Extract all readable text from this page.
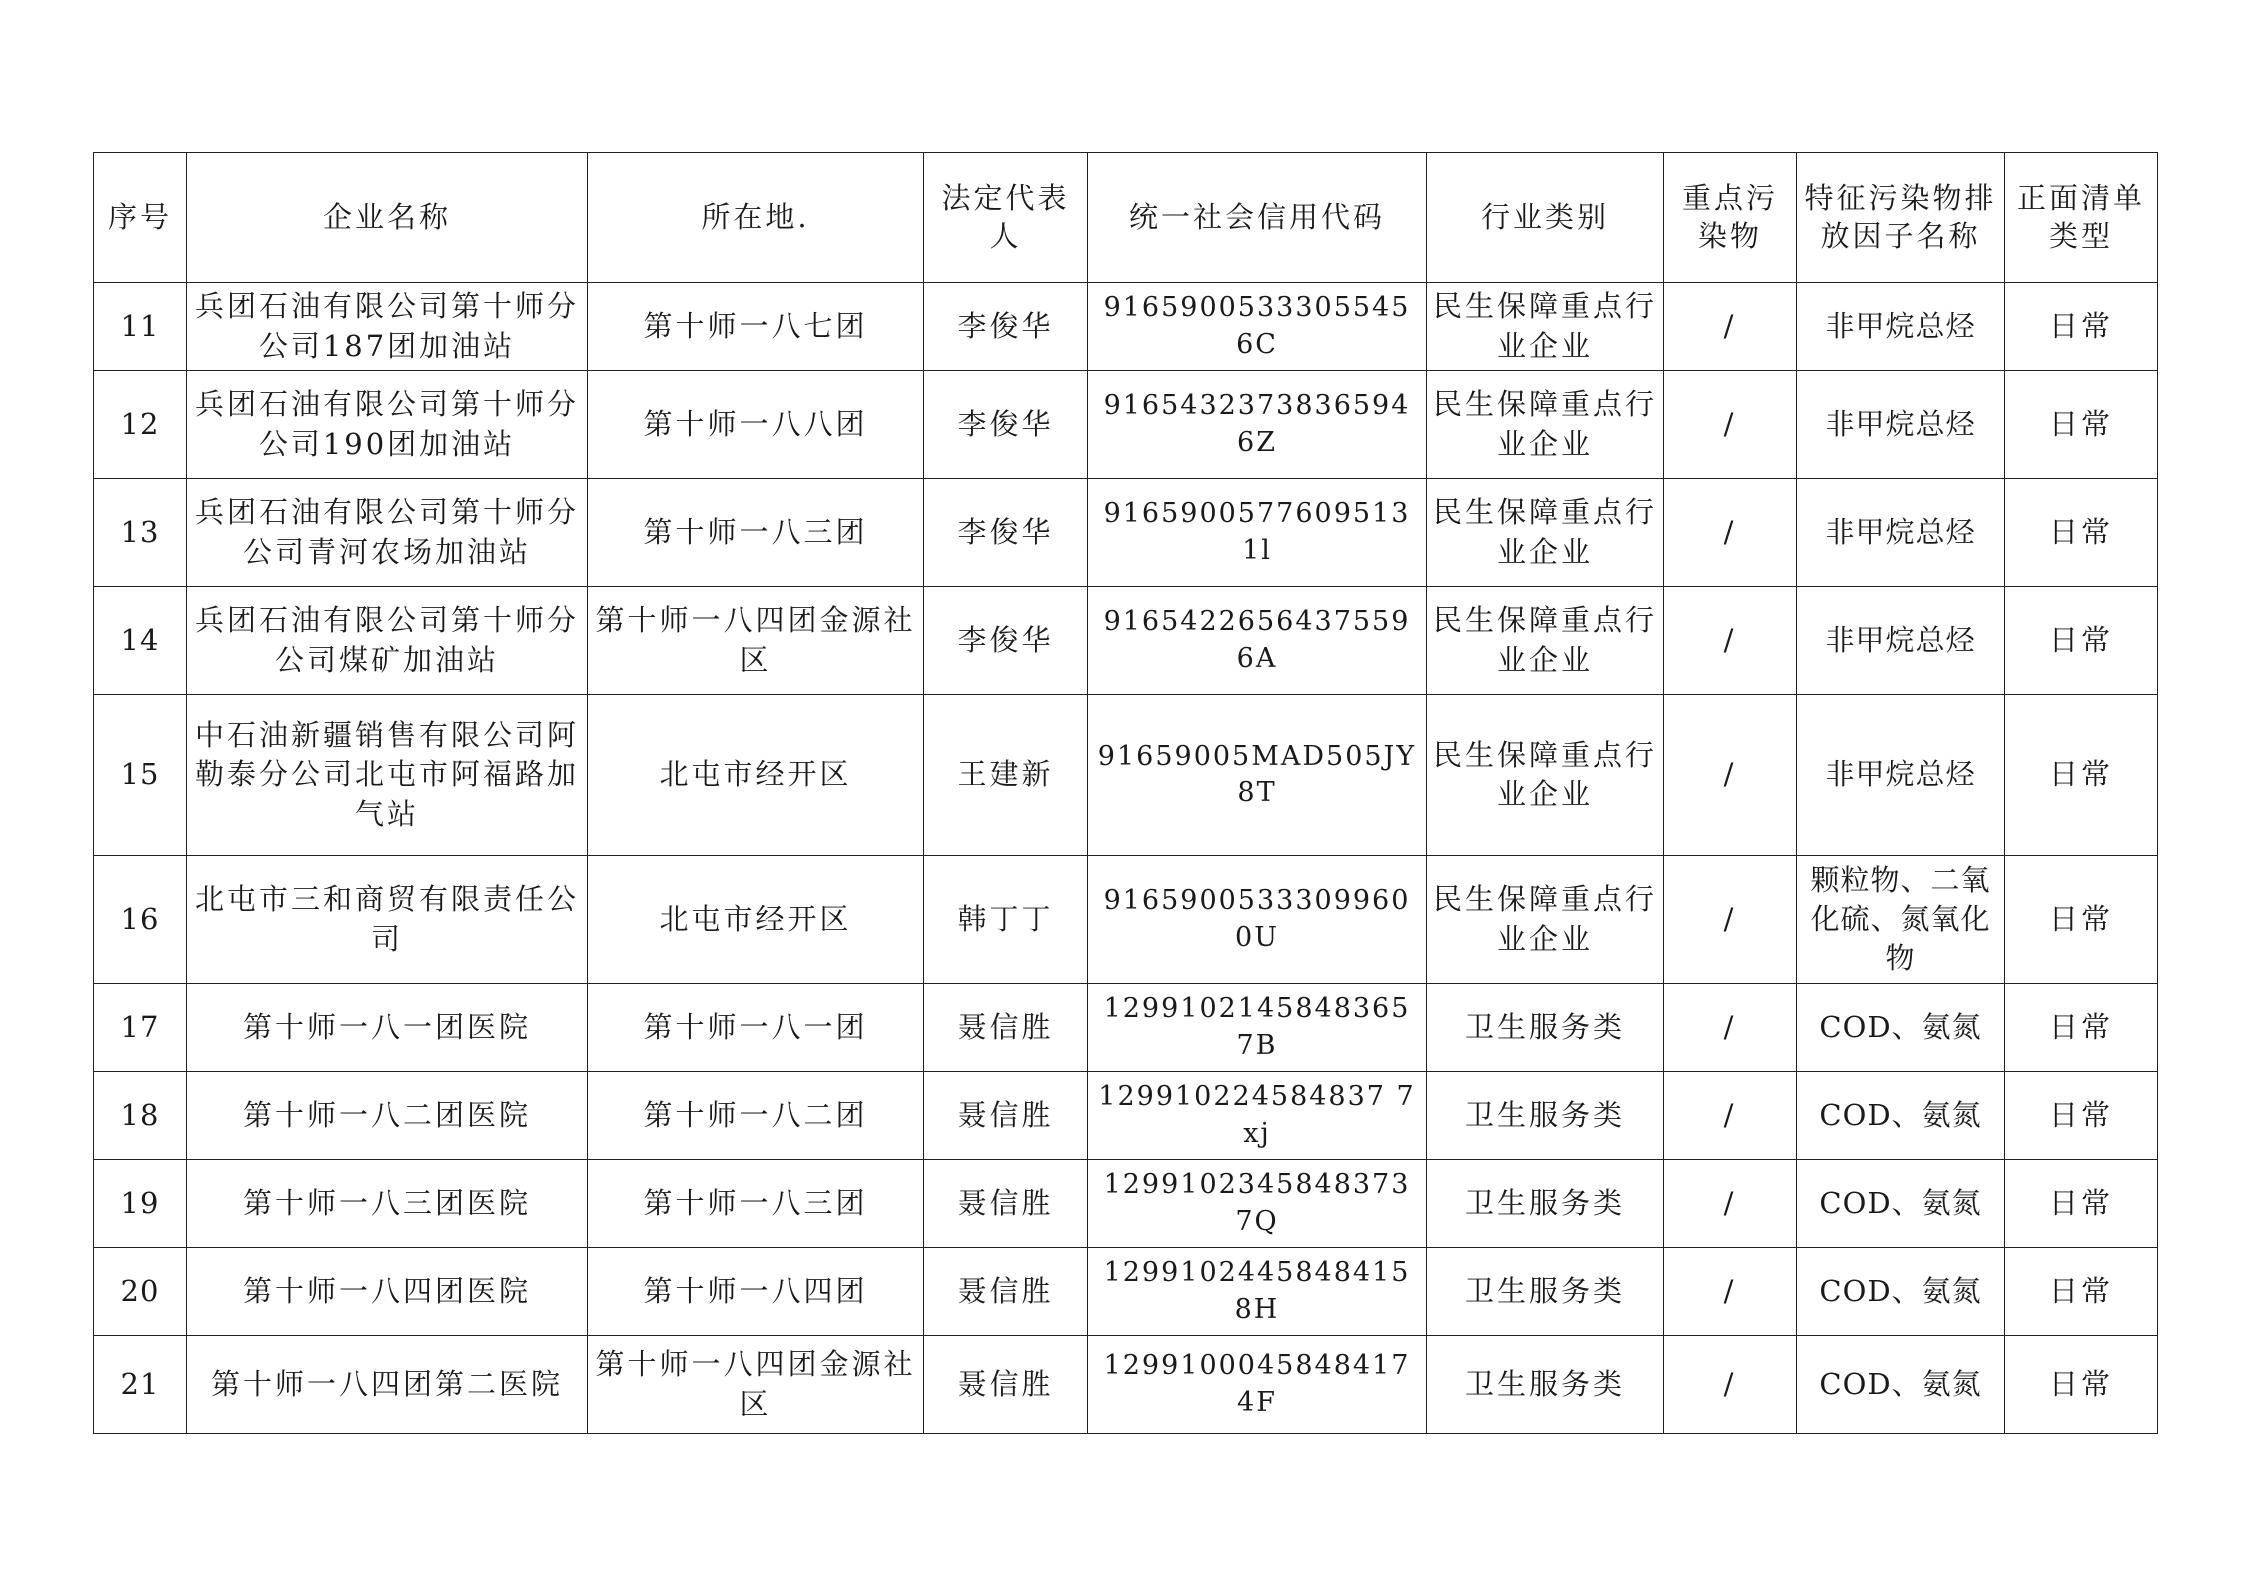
序号	企业名称	所在地.	法定代表人	统一社会信用代码	行业类别	重点污染物	特征污染物排放因子名称	正面清单类型
11	兵团石油有限公司第十师分公司187团加油站	第十师一八七团	李俊华	91659005333055456C	民生保障重点行业企业	/	非甲烷总烃	日常
12	兵团石油有限公司第十师分公司190团加油站	第十师一八八团	李俊华	91654323738365946Z	民生保障重点行业企业	/	非甲烷总烃	日常
13	兵团石油有限公司第十师分公司青河农场加油站	第十师一八三团	李俊华	91659005776095131l	民生保障重点行业企业	/	非甲烷总烃	日常
14	兵团石油有限公司第十师分公司煤矿加油站	第十师一八四团金源社区	李俊华	91654226564375596A	民生保障重点行业企业	/	非甲烷总烃	日常
15	中石油新疆销售有限公司阿勒泰分公司北屯市阿福路加气站	北屯市经开区	王建新	91659005MAD505JY8T	民生保障重点行业企业	/	非甲烷总烃	日常
16	北屯市三和商贸有限责任公司	北屯市经开区	韩丁丁	91659005333099600U	民生保障重点行业企业	/	颗粒物、二氧化硫、氮氧化物	日常
17	第十师一八一团医院	第十师一八一团	聂信胜	12991021458483657B	卫生服务类	/	COD、氨氮	日常
18	第十师一八二团医院	第十师一八二团	聂信胜	129910224584837 7xj	卫生服务类	/	COD、氨氮	日常
19	第十师一八三团医院	第十师一八三团	聂信胜	12991023458483737Q	卫生服务类	/	COD、氨氮	日常
20	第十师一八四团医院	第十师一八四团	聂信胜	12991024458484158H	卫生服务类	/	COD、氨氮	日常
21	第十师一八四团第二医院	第十师一八四团金源社区	聂信胜	12991000458484174F	卫生服务类	/	COD、氨氮	日常
